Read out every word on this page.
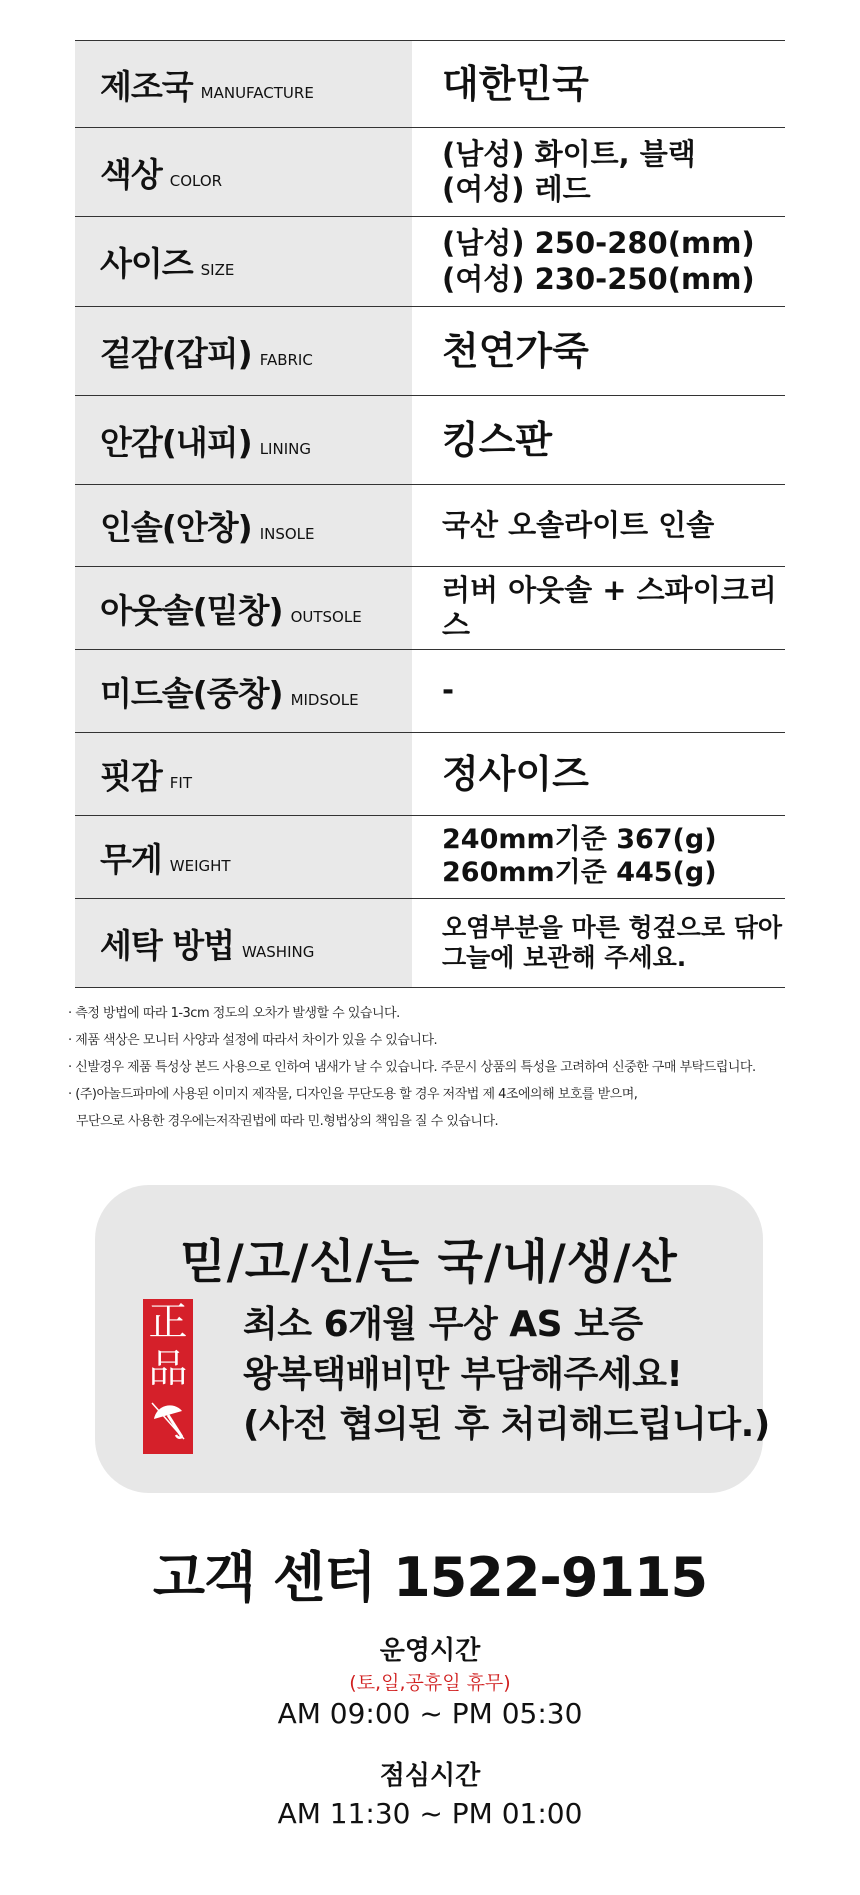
제조국 MANUFACTURE	대한민국

색상 COLOR	(남성) 화이트, 블랙
(여성) 레드

사이즈 SIZE	(남성) 250-280(mm)
(여성) 230-250(mm)

겉감(갑피) FABRIC	천연가죽

안감(내피) LINING	킹스판

인솔(안창) INSOLE	국산 오솔라이트 인솔

아웃솔(밑창) OUTSOLE	러버 아웃솔 + 스파이크리스

미드솔(중창) MIDSOLE	-

핏감 FIT	정사이즈

무게 WEIGHT	240mm기준 367(g)
260mm기준 445(g)

세탁 방법 WASHING	오염부분을 마른 헝겊으로 닦아
그늘에 보관해 주세요.
· 측정 방법에 따라 1-3cm 정도의 오차가 발생할 수 있습니다.
· 제품 색상은 모니터 사양과 설정에 따라서 차이가 있을 수 있습니다.
· 신발경우 제품 특성상 본드 사용으로 인하여 냄새가 날 수 있습니다. 주문시 상품의 특성을 고려하여 신중한 구매 부탁드립니다.
· (주)아놀드파마에 사용된 이미지 제작물, 디자인을 무단도용 할 경우 저작법 제 4조에의해 보호를 받으며,
무단으로 사용한 경우에는저작권법에 따라 민.형법상의 책임을 질 수 있습니다.
믿/고/신/는 국/내/생/산
正
品
최소 6개월 무상 AS 보증
왕복택배비만 부담해주세요!
(사전 협의된 후 처리해드립니다.)
고객 센터 1522-9115
운영시간
(토,일,공휴일 휴무)
AM 09:00 ~ PM 05:30
점심시간
AM 11:30 ~ PM 01:00
